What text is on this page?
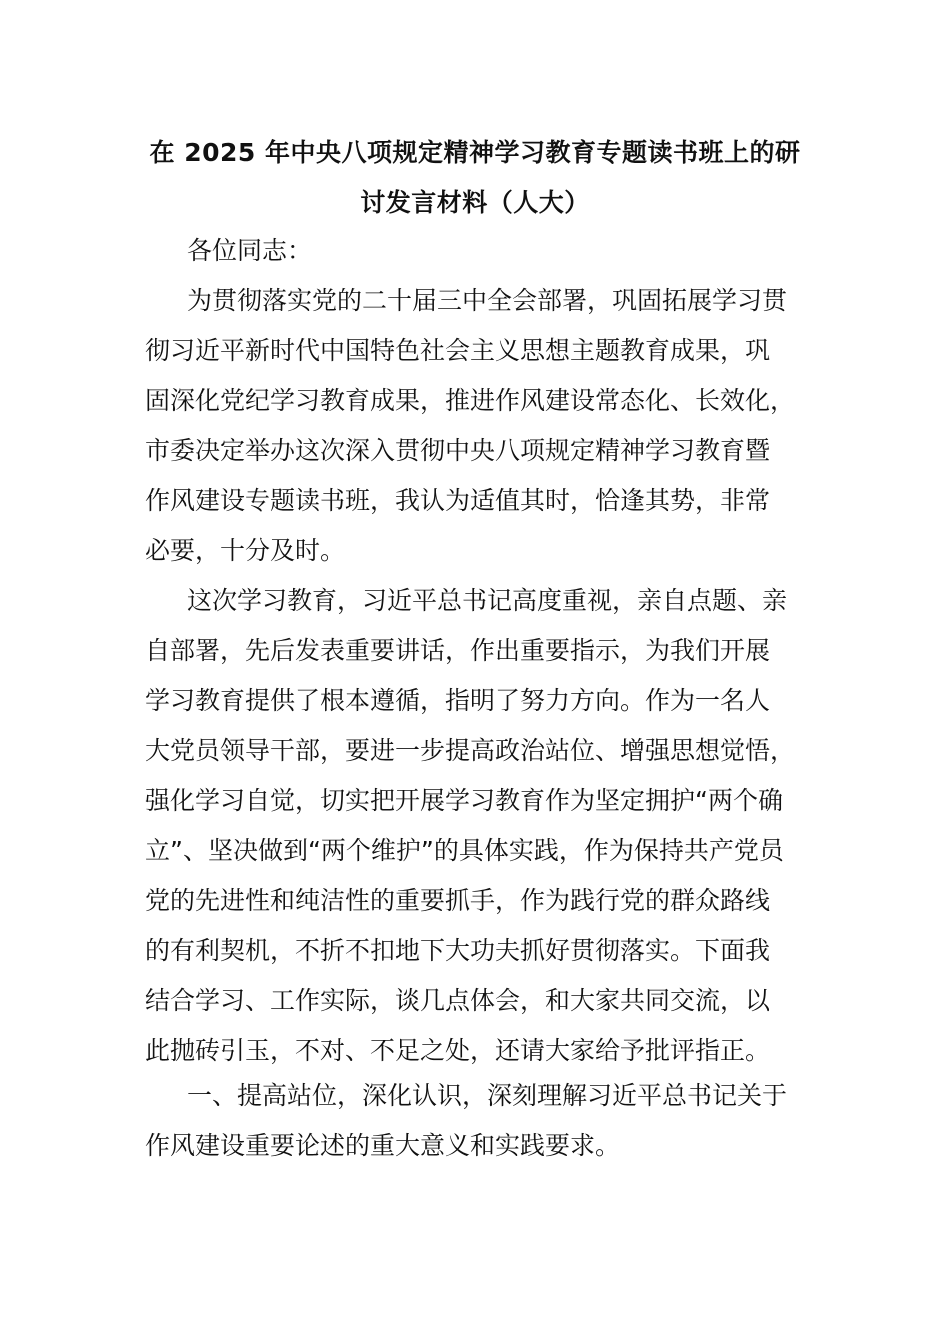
在 2025 年中央八项规定精神学习教育专题读书班上的研
讨发言材料（人大）

各位同志：

为贯彻落实党的二十届三中全会部署，巩固拓展学习贯

彻习近平新时代中国特色社会主义思想主题教育成果，巩

固深化党纪学习教育成果，推进作风建设常态化、长效化，

市委决定举办这次深入贯彻中央八项规定精神学习教育暨

作风建设专题读书班，我认为适值其时，恰逢其势，非常

必要，十分及时。

这次学习教育，习近平总书记高度重视，亲自点题、亲

自部署，先后发表重要讲话，作出重要指示，为我们开展

学习教育提供了根本遵循，指明了努力方向。作为一名人

大党员领导干部，要进一步提高政治站位、增强思想觉悟，

强化学习自觉，切实把开展学习教育作为坚定拥护“两个确

立”、坚决做到“两个维护”的具体实践，作为保持共产党员

党的先进性和纯洁性的重要抓手，作为践行党的群众路线

的有利契机，不折不扣地下大功夫抓好贯彻落实。下面我

结合学习、工作实际，谈几点体会，和大家共同交流，以

此抛砖引玉，不对、不足之处，还请大家给予批评指正。

一、提高站位，深化认识，深刻理解习近平总书记关于

作风建设重要论述的重大意义和实践要求。
